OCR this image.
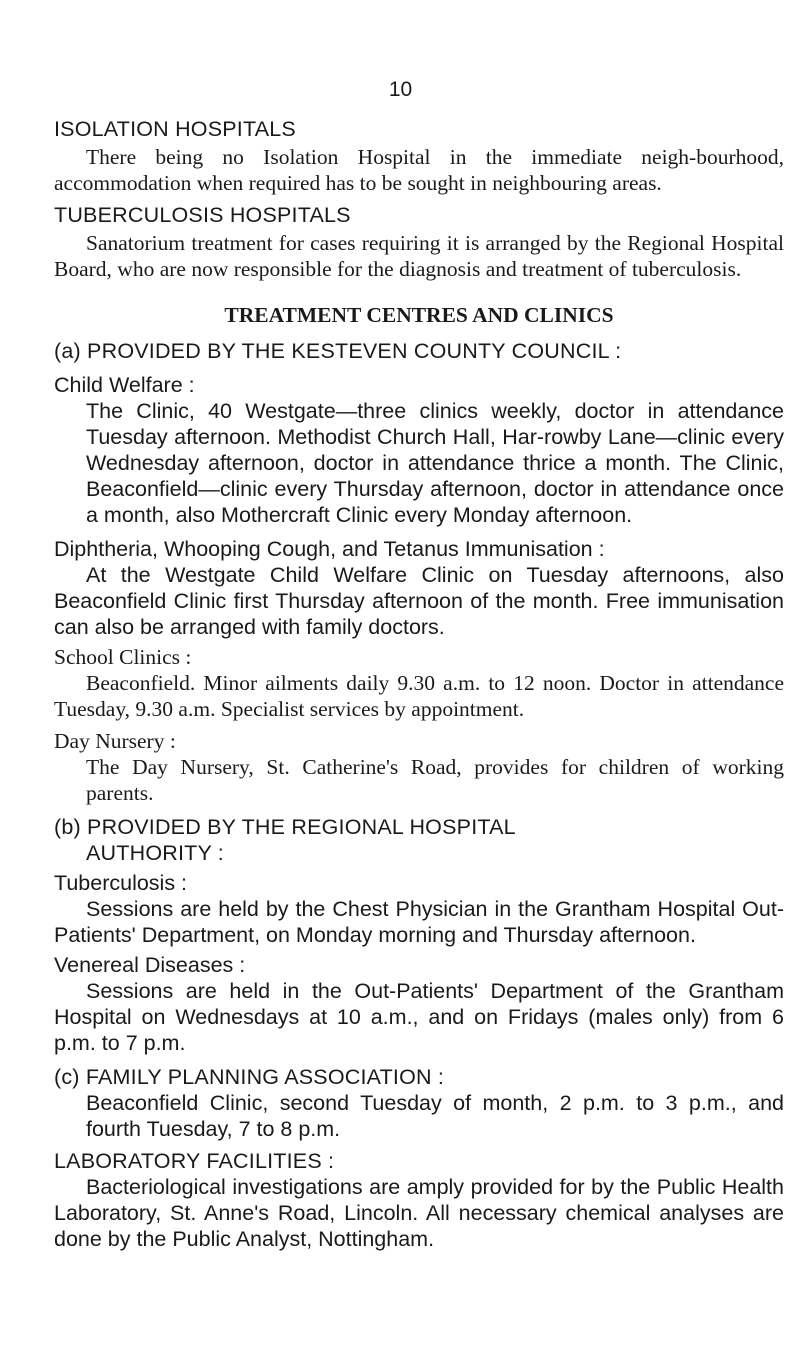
10

ISOLATION HOSPITALS

There being no Isolation Hospital in the immediate neigh-bourhood, accommodation when required has to be sought in neighbouring areas.

TUBERCULOSIS HOSPITALS

Sanatorium treatment for cases requiring it is arranged by the Regional Hospital Board, who are now responsible for the diagnosis and treatment of tuberculosis.

TREATMENT CENTRES AND CLINICS

(a) PROVIDED BY THE KESTEVEN COUNTY COUNCIL :

Child Welfare :

The Clinic, 40 Westgate—three clinics weekly, doctor in attendance Tuesday afternoon. Methodist Church Hall, Har-rowby Lane—clinic every Wednesday afternoon, doctor in attendance thrice a month. The Clinic, Beaconfield—clinic every Thursday afternoon, doctor in attendance once a month, also Mothercraft Clinic every Monday afternoon.

Diphtheria, Whooping Cough, and Tetanus Immunisation :

At the Westgate Child Welfare Clinic on Tuesday afternoons, also Beaconfield Clinic first Thursday afternoon of the month. Free immunisation can also be arranged with family doctors.

School Clinics :

Beaconfield. Minor ailments daily 9.30 a.m. to 12 noon. Doctor in attendance Tuesday, 9.30 a.m. Specialist services by appointment.

Day Nursery :

The Day Nursery, St. Catherine's Road, provides for children of working parents.

(b) PROVIDED BY THE REGIONAL HOSPITAL

AUTHORITY :

Tuberculosis :

Sessions are held by the Chest Physician in the Grantham Hospital Out-Patients' Department, on Monday morning and Thursday afternoon.

Venereal Diseases :

Sessions are held in the Out-Patients' Department of the Grantham Hospital on Wednesdays at 10 a.m., and on Fridays (males only) from 6 p.m. to 7 p.m.

(c) FAMILY PLANNING ASSOCIATION :

Beaconfield Clinic, second Tuesday of month, 2 p.m. to 3 p.m., and fourth Tuesday, 7 to 8 p.m.

LABORATORY FACILITIES :

Bacteriological investigations are amply provided for by the Public Health Laboratory, St. Anne's Road, Lincoln. All necessary chemical analyses are done by the Public Analyst, Nottingham.
